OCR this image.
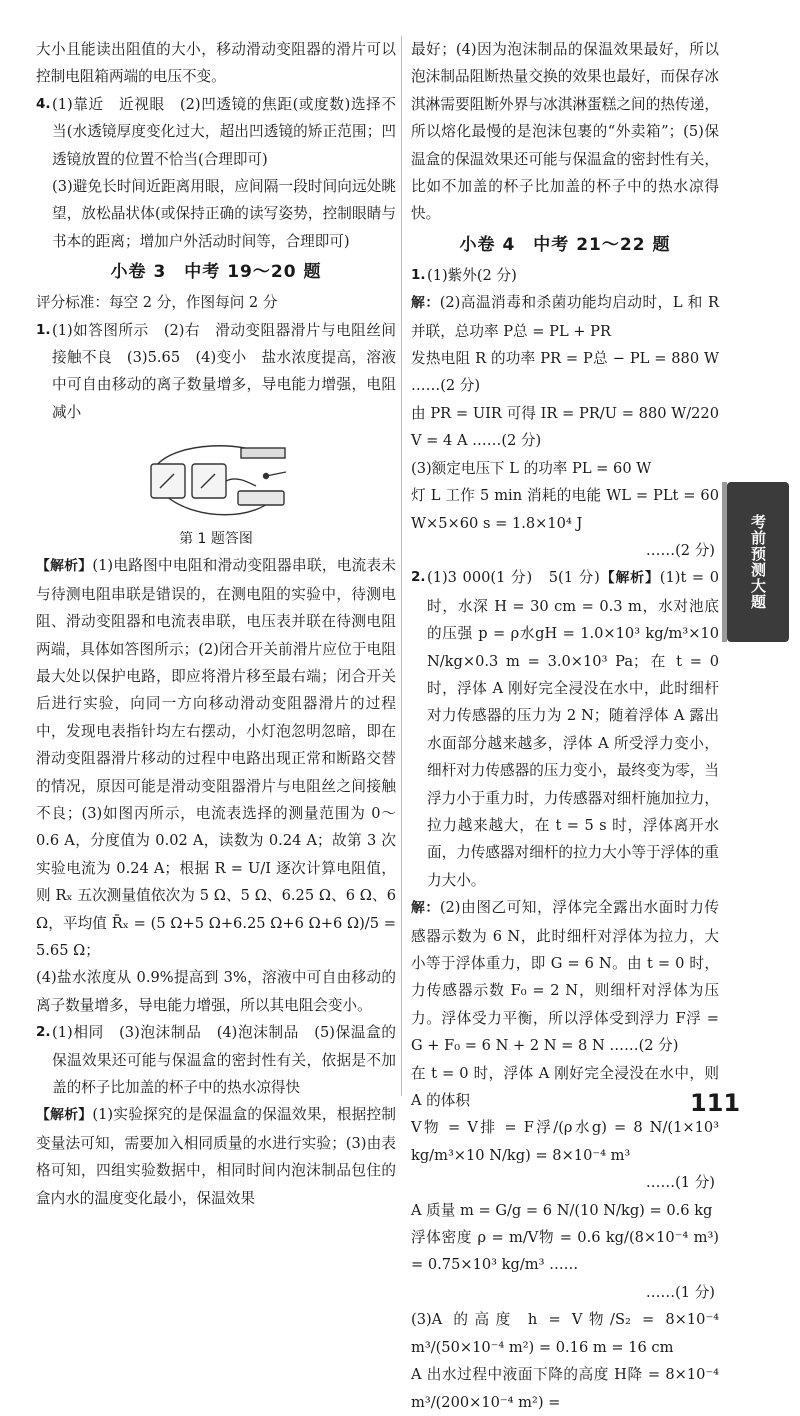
大小且能读出阻值的大小，移动滑动变阻器的滑片可以控制电阻箱两端的电压不变。

4. (1)靠近　近视眼　(2)凹透镜的焦距(或度数)选择不当(水透镜厚度变化过大，超出凹透镜的矫正范围；凹透镜放置的位置不恰当(合理即可)

(3)避免长时间近距离用眼，应间隔一段时间向远处眺望，放松晶状体(或保持正确的读写姿势，控制眼睛与书本的距离；增加户外活动时间等，合理即可)

小卷 3　中考 19～20 题

评分标准：每空 2 分，作图每问 2 分

1. (1)如答图所示　(2)右　滑动变阻器滑片与电阻丝间接触不良　(3)5.65　(4)变小　盐水浓度提高，溶液中可自由移动的离子数量增多，导电能力增强，电阻减小

第 1 题答图

【解析】(1)电路图中电阻和滑动变阻器串联，电流表未与待测电阻串联是错误的，在测电阻的实验中，待测电阻、滑动变阻器和电流表串联，电压表并联在待测电阻两端，具体如答图所示；(2)闭合开关前滑片应位于电阻最大处以保护电路，即应将滑片移至最右端；闭合开关后进行实验，向同一方向移动滑动变阻器滑片的过程中，发现电表指针均左右摆动，小灯泡忽明忽暗，即在滑动变阻器滑片移动的过程中电路出现正常和断路交替的情况，原因可能是滑动变阻器滑片与电阻丝之间接触不良；(3)如图丙所示，电流表选择的测量范围为 0～0.6 A，分度值为 0.02 A，读数为 0.24 A；故第 3 次实验电流为 0.24 A；根据 R = U/I 逐次计算电阻值，则 Rₓ 五次测量值依次为 5 Ω、5 Ω、6.25 Ω、6 Ω、6 Ω，平均值 R̄ₓ = (5 Ω+5 Ω+6.25 Ω+6 Ω+6 Ω)/5 = 5.65 Ω；

(4)盐水浓度从 0.9%提高到 3%，溶液中可自由移动的离子数量增多，导电能力增强，所以其电阻会变小。

2. (1)相同　(3)泡沫制品　(4)泡沫制品　(5)保温盒的保温效果还可能与保温盒的密封性有关，依据是不加盖的杯子比加盖的杯子中的热水凉得快

【解析】(1)实验探究的是保温盒的保温效果，根据控制变量法可知，需要加入相同质量的水进行实验；(3)由表格可知，四组实验数据中，相同时间内泡沫制品包住的盒内水的温度变化最小，保温效果

最好；(4)因为泡沫制品的保温效果最好，所以泡沫制品阻断热量交换的效果也最好，而保存冰淇淋需要阻断外界与冰淇淋蛋糕之间的热传递，所以熔化最慢的是泡沫包裹的“外卖箱”；(5)保温盒的保温效果还可能与保温盒的密封性有关，比如不加盖的杯子比加盖的杯子中的热水凉得快。

小卷 4　中考 21～22 题
1. (1)紫外(2 分)

解：(2)高温消毒和杀菌功能均启动时，L 和 R 并联，总功率 P总 = PL + PR

发热电阻 R 的功率 PR = P总 − PL = 880 W ……(2 分)

由 PR = UIR 可得 IR = PR/U = 880 W/220 V = 4 A ……(2 分)

(3)额定电压下 L 的功率 PL = 60 W

灯 L 工作 5 min 消耗的电能 WL = PLt = 60 W×5×60 s = 1.8×10⁴ J

……(2 分)

2. (1)3 000(1 分)　5(1 分)【解析】(1)t = 0 时，水深 H = 30 cm = 0.3 m，水对池底的压强 p = ρ水gH = 1.0×10³ kg/m³×10 N/kg×0.3 m = 3.0×10³ Pa；在 t = 0 时，浮体 A 刚好完全浸没在水中，此时细杆对力传感器的压力为 2 N；随着浮体 A 露出水面部分越来越多，浮体 A 所受浮力变小，细杆对力传感器的压力变小，最终变为零，当浮力小于重力时，力传感器对细杆施加拉力，拉力越来越大，在 t = 5 s 时，浮体离开水面，力传感器对细杆的拉力大小等于浮体的重力大小。

解：(2)由图乙可知，浮体完全露出水面时力传感器示数为 6 N，此时细杆对浮体为拉力，大小等于浮体重力，即 G = 6 N。由 t = 0 时，力传感器示数 F₀ = 2 N，则细杆对浮体为压力。浮体受力平衡，所以浮体受到浮力 F浮 = G + F₀ = 6 N + 2 N = 8 N ……(2 分)

在 t = 0 时，浮体 A 刚好完全浸没在水中，则 A 的体积

V物 = V排 = F浮/(ρ水g) = 8 N/(1×10³ kg/m³×10 N/kg) = 8×10⁻⁴ m³

……(1 分)

A 质量 m = G/g = 6 N/(10 N/kg) = 0.6 kg

浮体密度 ρ = m/V物 = 0.6 kg/(8×10⁻⁴ m³) = 0.75×10³ kg/m³ ……

……(1 分)

(3)A 的高度 h = V物/S₂ = 8×10⁻⁴ m³/(50×10⁻⁴ m²) = 0.16 m = 16 cm

A 出水过程中液面下降的高度 H降 = 8×10⁻⁴ m³/(200×10⁻⁴ m²) =

考前预测大题
111
